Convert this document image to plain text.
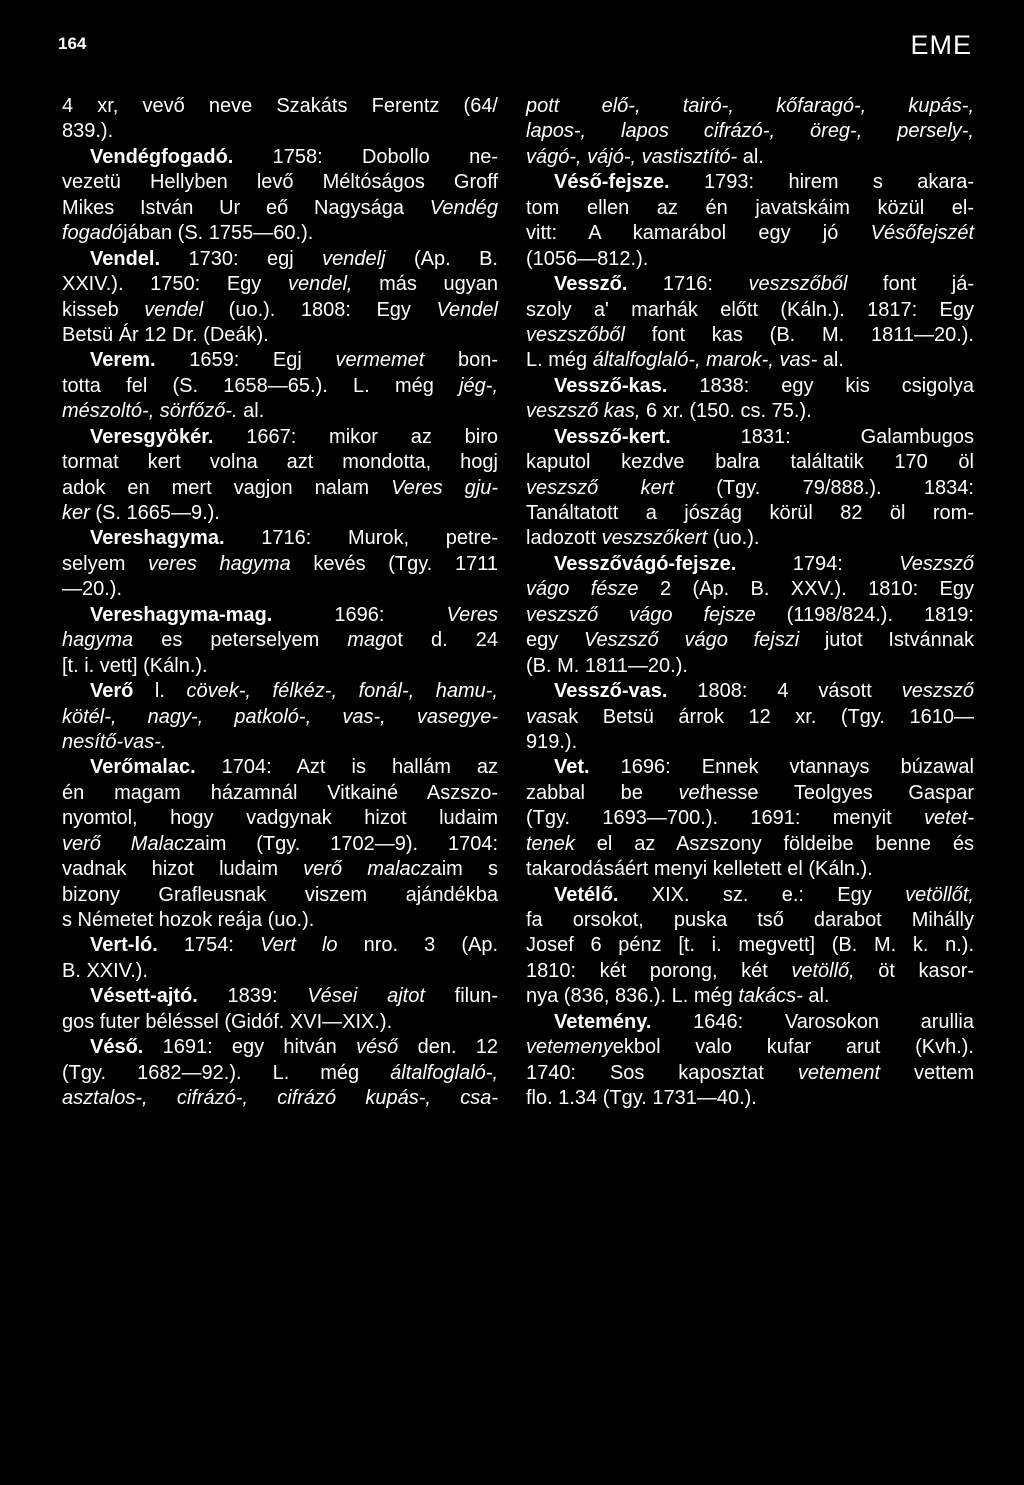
164	EME
4 xr, vevő neve Szakáts Ferentz (64/
839.).
Vendégfogadó. 1758: Dobollo ne-
vezetü Hellyben levő Méltóságos Groff
Mikes István Ur eő Nagysága Vendég
fogadójában (S. 1755—60.).
Vendel. 1730: egj vendelj (Ap. B.
XXIV.). 1750: Egy vendel, más ugyan
kisseb vendel (uo.). 1808: Egy Vendel
Betsü Ár 12 Dr. (Deák).
Verem. 1659: Egj vermemet bon-
totta fel (S. 1658—65.). L. még jég-,
mészoltó-, sörfőző-. al.
Veresgyökér. 1667: mikor az biro
tormat kert volna azt mondotta, hogj
adok en mert vagjon nalam Veres gju-
ker (S. 1665—9.).
Vereshagyma. 1716: Murok, petre-
selyem veres hagyma kevés (Tgy. 1711
—20.).
Vereshagyma-mag. 1696: Veres
hagyma es peterselyem magot d. 24
[t. i. vett] (Káln.).
Verő l. cövek-, félkéz-, fonál-, hamu-,
kötél-, nagy-, patkoló-, vas-, vasegye-
nesítő-vas-.
Verőmalac. 1704: Azt is hallám az
én magam házamnál Vitkainé Aszszo-
nyomtol, hogy vadgynak hizot ludaim
verő Malaczaim (Tgy. 1702—9). 1704:
vadnak hizot ludaim verő malaczaim s
bizony Grafleusnak viszem ajándékba
s Németet hozok reája (uo.).
Vert-ló. 1754: Vert lo nro. 3 (Ap.
B. XXIV.).
Vésett-ajtó. 1839: Vései ajtot filun-
gos futer béléssel (Gidóf. XVI—XIX.).
Véső. 1691: egy hitván véső den. 12
(Tgy. 1682—92.). L. még általfoglaló-,
asztalos-, cifrázó-, cifrázó kupás-, csa-
pott elő-, tairó-, kőfaragó-, kupás-,
lapos-, lapos cifrázó-, öreg-, persely-,
vágó-, vájó-, vastisztító- al.
Véső-fejsze. 1793: hirem s akara-
tom ellen az én javatskáim közül el-
vitt: A kamarábol egy jó Vésőfejszét
(1056—812.).
Vessző. 1716: veszszőből font já-
szoly a' marhák előtt (Káln.). 1817: Egy
veszszőből font kas (B. M. 1811—20.).
L. még általfoglaló-, marok-, vas- al.
Vessző-kas. 1838: egy kis csigolya
veszsző kas, 6 xr. (150. cs. 75.).
Vessző-kert. 1831: Galambugos
kaputol kezdve balra találtatik 170 öl
veszsző kert (Tgy. 79/888.). 1834:
Tanáltatott a jószág körül 82 öl rom-
ladozott veszszőkert (uo.).
Vesszővágó-fejsze. 1794: Veszsző
vágo fésze 2 (Ap. B. XXV.). 1810: Egy
veszsző vágo fejsze (1198/824.). 1819:
egy Veszsző vágo fejszi jutot Istvánnak
(B. M. 1811—20.).
Vessző-vas. 1808: 4 vásott veszsző
vasak Betsü árrok 12 xr. (Tgy. 1610—
919.).
Vet. 1696: Ennek vtannays búzawal
zabbal be vethesse Teolgyes Gaspar
(Tgy. 1693—700.). 1691: menyit vetet-
tenek el az Aszszony földeibe benne és
takarodásáért menyi kelletett el (Káln.).
Vetélő. XIX. sz. e.: Egy vetöllőt,
fa orsokot, puska tső darabot Mihálly
Josef 6 pénz [t. i. megvett] (B. M. k. n.).
1810: két porong, két vetöllő, öt kasor-
nya (836, 836.). L. még takács- al.
Vetemény. 1646: Varosokon arullia
vetemenyekbol valo kufar arut (Kvh.).
1740: Sos kaposztat vetement vettem
flo. 1.34 (Tgy. 1731—40.).
